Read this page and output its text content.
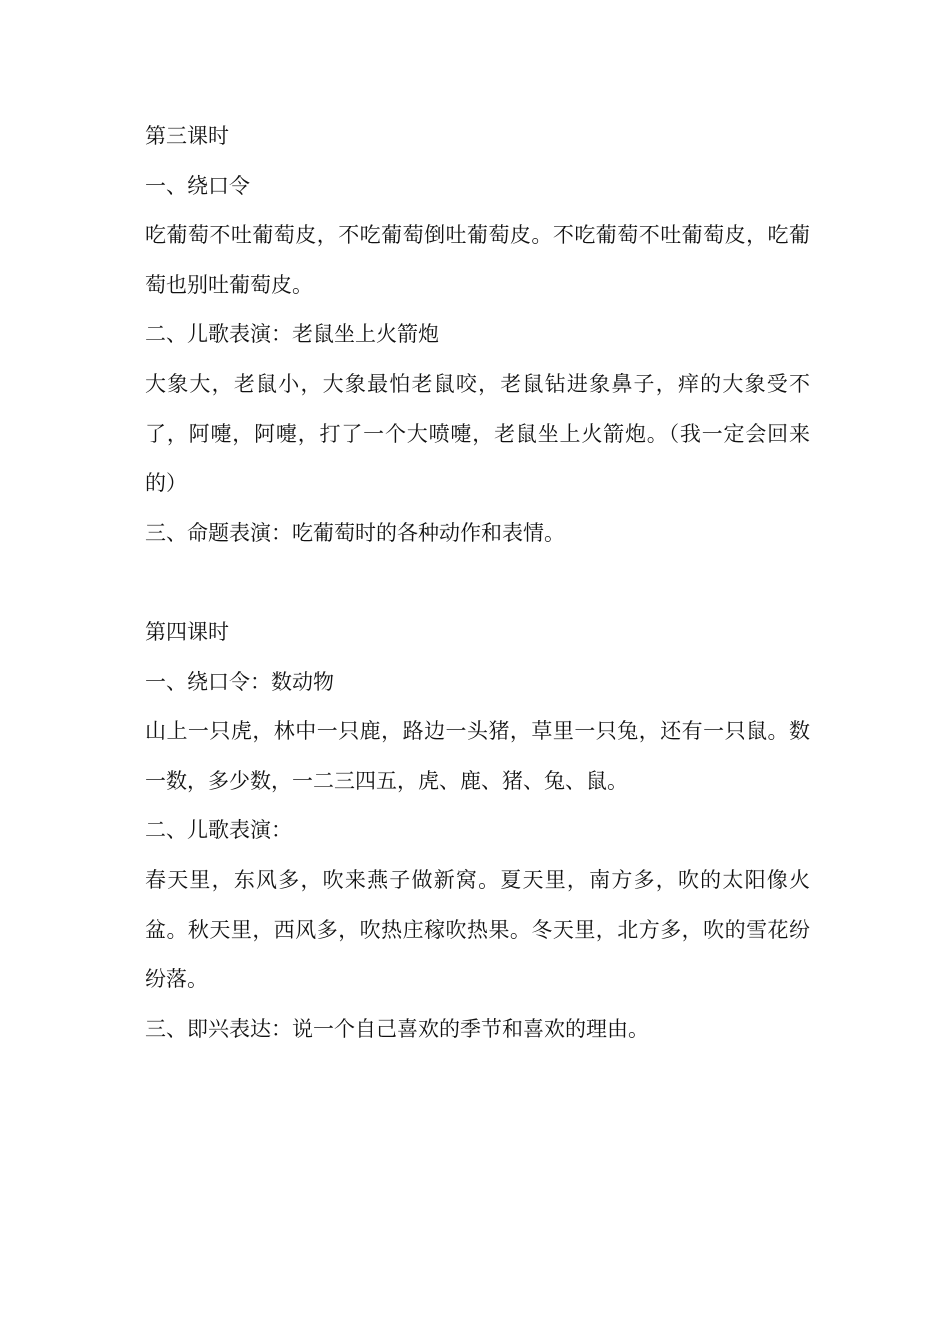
第三课时

一、绕口令

吃葡萄不吐葡萄皮，不吃葡萄倒吐葡萄皮。不吃葡萄不吐葡萄皮，吃葡萄也别吐葡萄皮。

二、儿歌表演：老鼠坐上火箭炮

大象大，老鼠小，大象最怕老鼠咬，老鼠钻进象鼻子，痒的大象受不了，阿嚏，阿嚏，打了一个大喷嚏，老鼠坐上火箭炮。（我一定会回来的）

三、命题表演：吃葡萄时的各种动作和表情。

第四课时

一、绕口令：数动物

山上一只虎，林中一只鹿，路边一头猪，草里一只兔，还有一只鼠。数一数，多少数，一二三四五，虎、鹿、猪、兔、鼠。

二、儿歌表演：

春天里，东风多，吹来燕子做新窝。夏天里，南方多，吹的太阳像火盆。秋天里，西风多，吹热庄稼吹热果。冬天里，北方多，吹的雪花纷纷落。

三、即兴表达：说一个自己喜欢的季节和喜欢的理由。
